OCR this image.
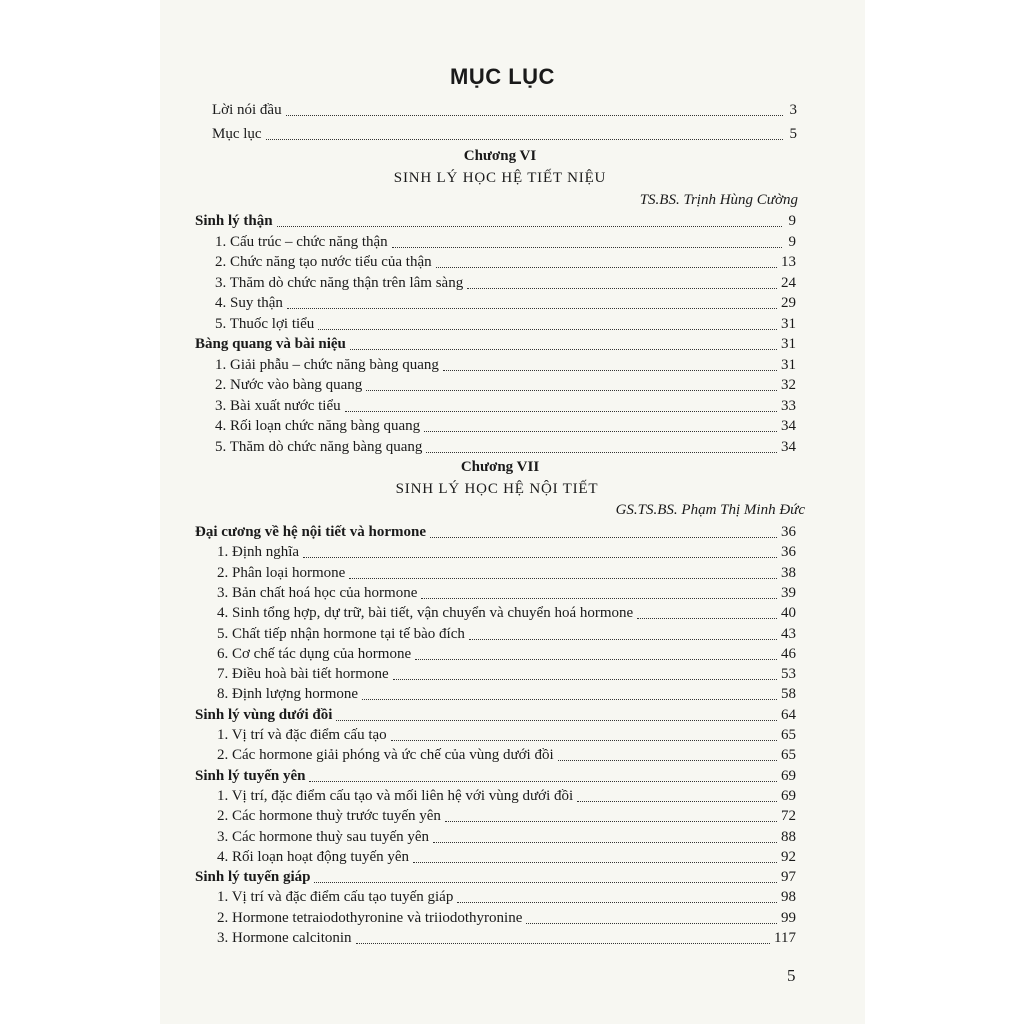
MỤC LỤC
Lời nói đầu	3
Mục lục	5
Chương VI
SINH LÝ HỌC HỆ TIẾT NIỆU
TS.BS. Trịnh Hùng Cường
Sinh lý thận	9
1. Cấu trúc – chức năng thận	9
2. Chức năng tạo nước tiểu của thận	13
3. Thăm dò chức năng thận trên lâm sàng	24
4. Suy thận	29
5. Thuốc lợi tiểu	31
Bàng quang và bài niệu	31
1. Giải phẫu – chức năng bàng quang	31
2. Nước vào bàng quang	32
3. Bài xuất nước tiểu	33
4. Rối loạn chức năng bàng quang	34
5. Thăm dò chức năng bàng quang	34
Chương VII
SINH LÝ HỌC HỆ NỘI TIẾT
GS.TS.BS. Phạm Thị Minh Đức
Đại cương về hệ nội tiết và hormone	36
1. Định nghĩa	36
2. Phân loại hormone	38
3. Bản chất hoá học của hormone	39
4. Sinh tổng hợp, dự trữ, bài tiết, vận chuyển và chuyển hoá hormone	40
5. Chất tiếp nhận hormone tại tế bào đích	43
6. Cơ chế tác dụng của hormone	46
7. Điều hoà bài tiết hormone	53
8. Định lượng hormone	58
Sinh lý vùng dưới đồi	64
1. Vị trí và đặc điểm cấu tạo	65
2. Các hormone giải phóng và ức chế của vùng dưới đồi	65
Sinh lý tuyến yên	69
1. Vị trí, đặc điểm cấu tạo và mối liên hệ với vùng dưới đồi	69
2. Các hormone thuỳ trước tuyến yên	72
3. Các hormone thuỳ sau tuyến yên	88
4. Rối loạn hoạt động tuyến yên	92
Sinh lý tuyến giáp	97
1. Vị trí và đặc điểm cấu tạo tuyến giáp	98
2. Hormone tetraiodothyronine và triiodothyronine	99
3. Hormone calcitonin	117
5
